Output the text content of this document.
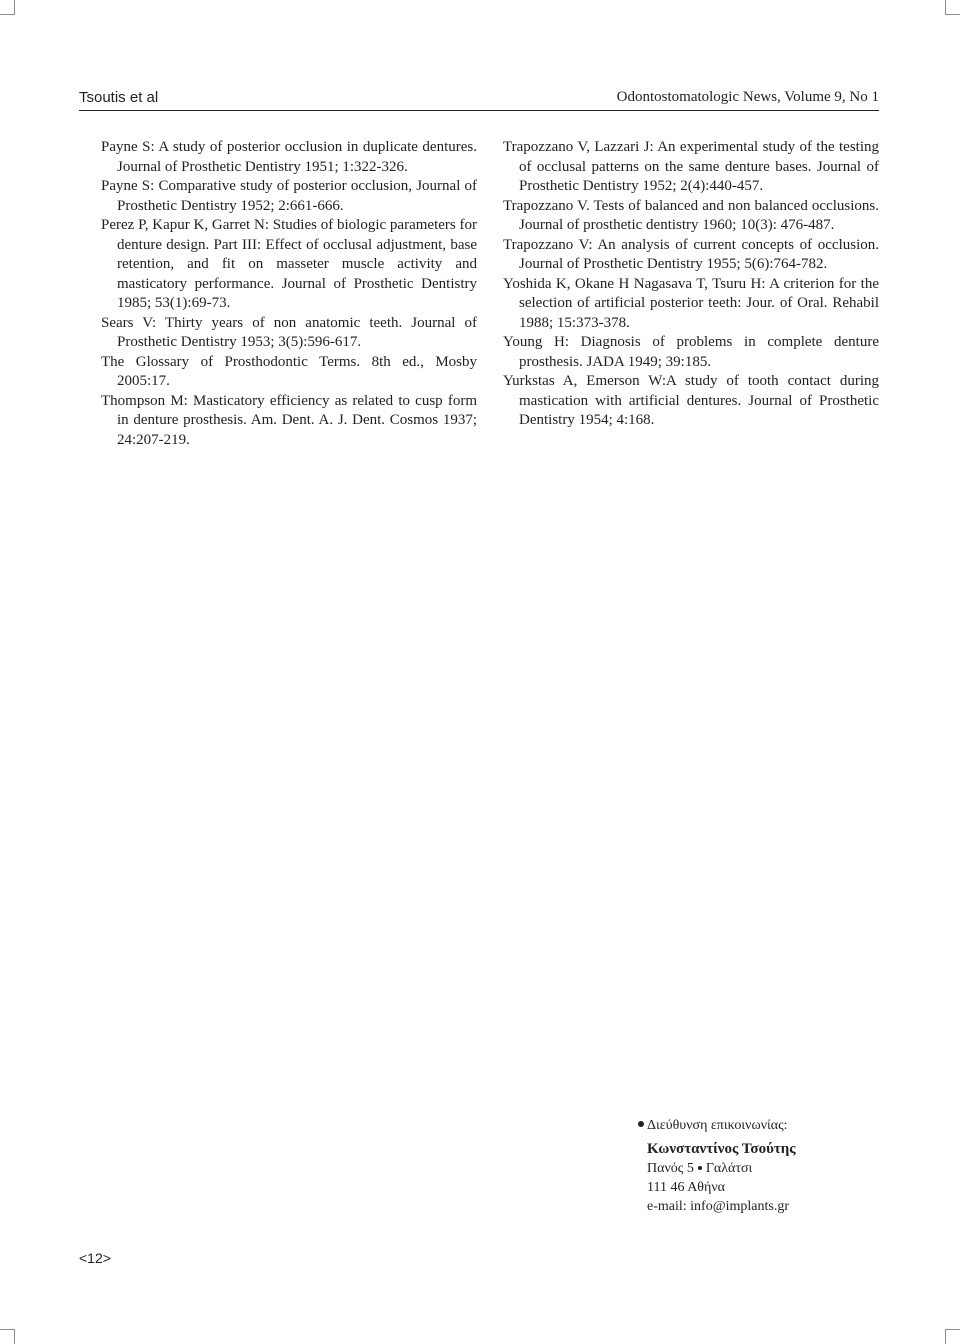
Tsoutis et al	Odontostomatologic News, Volume 9, No 1

Payne S: A study of posterior occlusion in duplicate dentures. Journal of Prosthetic Dentistry 1951; 1:322-326.

Payne S: Comparative study of posterior occlusion, Journal of Prosthetic Dentistry 1952; 2:661-666.

Perez P, Kapur K, Garret N: Studies of biologic parameters for denture design. Part III: Effect of occlusal adjustment, base retention, and fit on masseter muscle activity and masticatory performance. Journal of Prosthetic Dentistry 1985; 53(1):69-73.

Sears V: Thirty years of non anatomic teeth. Journal of Prosthetic Dentistry 1953; 3(5):596-617.

The Glossary of Prosthodontic Terms. 8th ed., Mosby 2005:17.

Thompson M: Masticatory efficiency as related to cusp form in denture prosthesis. Am. Dent. A. J. Dent. Cosmos 1937; 24:207-219.

Trapozzano V, Lazzari J: An experimental study of the testing of occlusal patterns on the same denture bases. Journal of Prosthetic Dentistry 1952; 2(4):440-457.

Trapozzano V. Tests of balanced and non balanced occlusions. Journal of prosthetic dentistry 1960; 10(3): 476-487.

Trapozzano V: An analysis of current concepts of occlusion. Journal of Prosthetic Dentistry 1955; 5(6):764-782.

Yoshida K, Okane H Nagasava T, Tsuru H: A criterion for the selection of artificial posterior teeth: Jour. of Oral. Rehabil 1988; 15:373-378.

Young H: Diagnosis of problems in complete denture prosthesis. JADA 1949; 39:185.

Yurkstas A, Emerson W:A study of tooth contact during mastication with artificial dentures. Journal of Prosthetic Dentistry 1954; 4:168.

Διεύθυνση επικοινωνίας:
Κωνσταντίνος Τσούτης
Πανός 5 Γαλάτσι
111 46 Αθήνα
e-mail: info@implants.gr
<12>
